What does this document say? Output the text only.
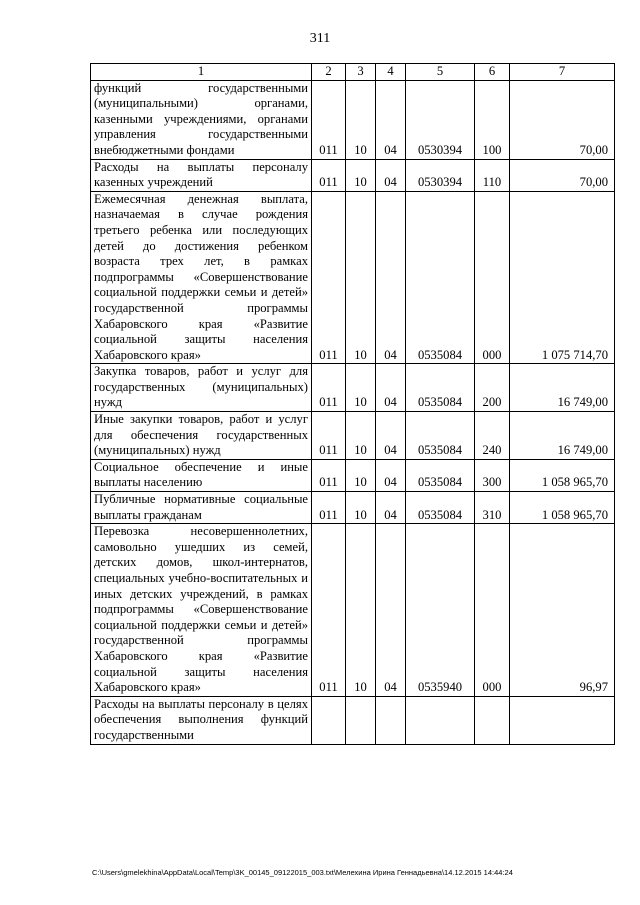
311
1	2	3	4	5	6	7
функций государственными (муниципальными) органами, казенными учреждениями, органами управления государственными внебюджетными фондами	011	10	04	0530394	100	70,00
Расходы на выплаты персоналу казенных учреждений	011	10	04	0530394	110	70,00
Ежемесячная денежная выплата, назначаемая в случае рождения третьего ребенка или последующих детей до достижения ребенком возраста трех лет, в рамках подпрограммы «Совершенствование социальной поддержки семьи и детей» государственной программы Хабаровского края «Развитие социальной защиты населения Хабаровского края»	011	10	04	0535084	000	1 075 714,70
Закупка товаров, работ и услуг для государственных (муниципальных) нужд	011	10	04	0535084	200	16 749,00
Иные закупки товаров, работ и услуг для обеспечения государственных (муниципальных) нужд	011	10	04	0535084	240	16 749,00
Социальное обеспечение и иные выплаты населению	011	10	04	0535084	300	1 058 965,70
Публичные нормативные социальные выплаты гражданам	011	10	04	0535084	310	1 058 965,70
Перевозка несовершеннолетних, самовольно ушедших из семей, детских домов, школ-интернатов, специальных учебно-воспитательных и иных детских учреждений, в рамках подпрограммы «Совершенствование социальной поддержки семьи и детей» государственной программы Хабаровского края «Развитие социальной защиты населения Хабаровского края»	011	10	04	0535940	000	96,97
Расходы на выплаты персоналу в целях обеспечения выполнения функций государственными						
C:\Users\gmelekhina\AppData\Local\Temp\3K_00145_09122015_003.txt\Мелехина Ирина Геннадьевна\14.12.2015 14:44:24
